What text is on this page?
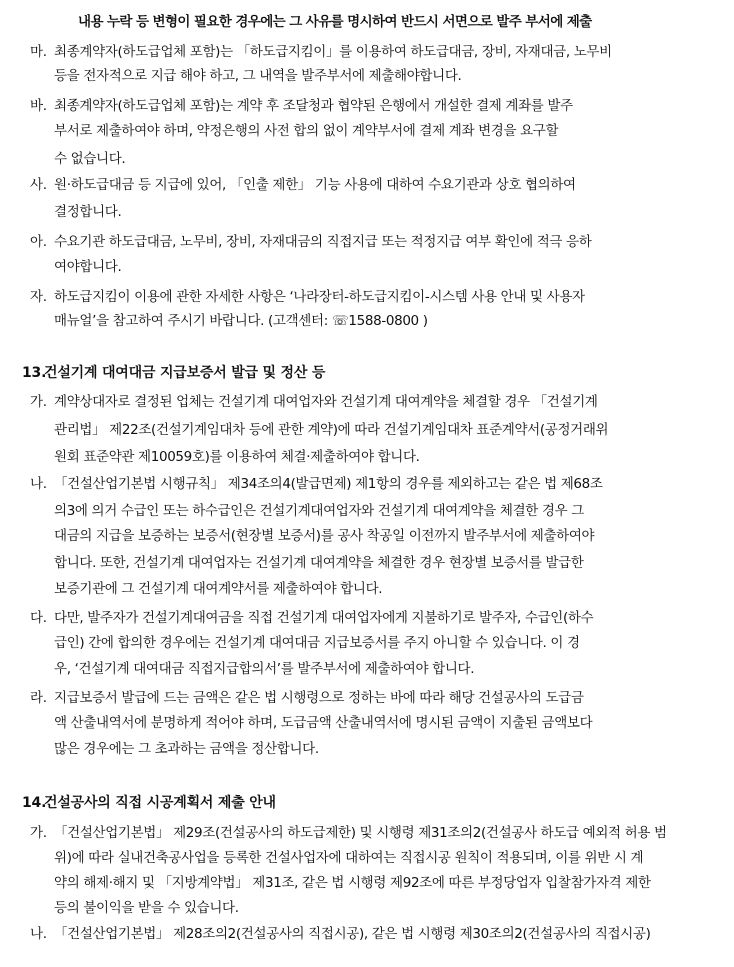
내용 누락 등 변형이 필요한 경우에는 그 사유를 명시하여 반드시 서면으로 발주 부서에 제출
마. 최종계약자(하도급업체 포함)는 「하도급지킴이」를 이용하여 하도급대금, 장비, 자재대금, 노무비
등을 전자적으로 지급 해야 하고, 그 내역을 발주부서에 제출해야합니다.
바. 최종계약자(하도급업체 포함)는 계약 후 조달청과 협약된 은행에서 개설한 결제 계좌를 발주
부서로 제출하여야 하며, 약정은행의 사전 합의 없이 계약부서에 결제 계좌 변경을 요구할
수 없습니다.
사. 원·하도급대금 등 지급에 있어, 「인출 제한」 기능 사용에 대하여 수요기관과 상호 협의하여
결정합니다.
아. 수요기관 하도급대금, 노무비, 장비, 자재대금의 직접지급 또는 적정지급 여부 확인에 적극 응하
여야합니다.
자. 하도급지킴이 이용에 관한 자세한 사항은 ‘나라장터-하도급지킴이-시스템 사용 안내 및 사용자
매뉴얼’을 참고하여 주시기 바랍니다. (고객센터: ☏1588-0800 )
13.
건설기계 대여대금 지급보증서 발급 및 정산 등
가. 계약상대자로 결정된 업체는 건설기계 대여업자와 건설기계 대여계약을 체결할 경우 「건설기계
관리법」 제22조(건설기계임대차 등에 관한 계약)에 따라 건설기계임대차 표준계약서(공정거래위
원회 표준약관 제10059호)를 이용하여 체결·제출하여야 합니다.
나. 「건설산업기본법 시행규칙」 제34조의4(발급면제) 제1항의 경우를 제외하고는 같은 법 제68조
의3에 의거 수급인 또는 하수급인은 건설기계대여업자와 건설기계 대여계약을 체결한 경우 그
대금의 지급을 보증하는 보증서(현장별 보증서)를 공사 착공일 이전까지 발주부서에 제출하여야
합니다. 또한, 건설기계 대여업자는 건설기계 대여계약을 체결한 경우 현장별 보증서를 발급한
보증기관에 그 건설기계 대여계약서를 제출하여야 합니다.
다. 다만, 발주자가 건설기계대여금을 직접 건설기계 대여업자에게 지불하기로 발주자, 수급인(하수
급인) 간에 합의한 경우에는 건설기계 대여대금 지급보증서를 주지 아니할 수 있습니다. 이 경
우, ‘건설기계 대여대금 직접지급합의서’를 발주부서에 제출하여야 합니다.
라. 지급보증서 발급에 드는 금액은 같은 법 시행령으로 정하는 바에 따라 해당 건설공사의 도급금
액 산출내역서에 분명하게 적어야 하며, 도급금액 산출내역서에 명시된 금액이 지출된 금액보다
많은 경우에는 그 초과하는 금액을 정산합니다.
14.
건설공사의 직접 시공계획서 제출 안내
가. 「건설산업기본법」 제29조(건설공사의 하도급제한) 및 시행령 제31조의2(건설공사 하도급 예외적 허용 범
위)에 따라 실내건축공사업을 등록한 건설사업자에 대하여는 직접시공 원칙이 적용되며, 이를 위반 시 계
약의 해제·해지 및 「지방계약법」 제31조, 같은 법 시행령 제92조에 따른 부정당업자 입찰참가자격 제한
등의 불이익을 받을 수 있습니다.
나. 「건설산업기본법」 제28조의2(건설공사의 직접시공), 같은 법 시행령 제30조의2(건설공사의 직접시공)
